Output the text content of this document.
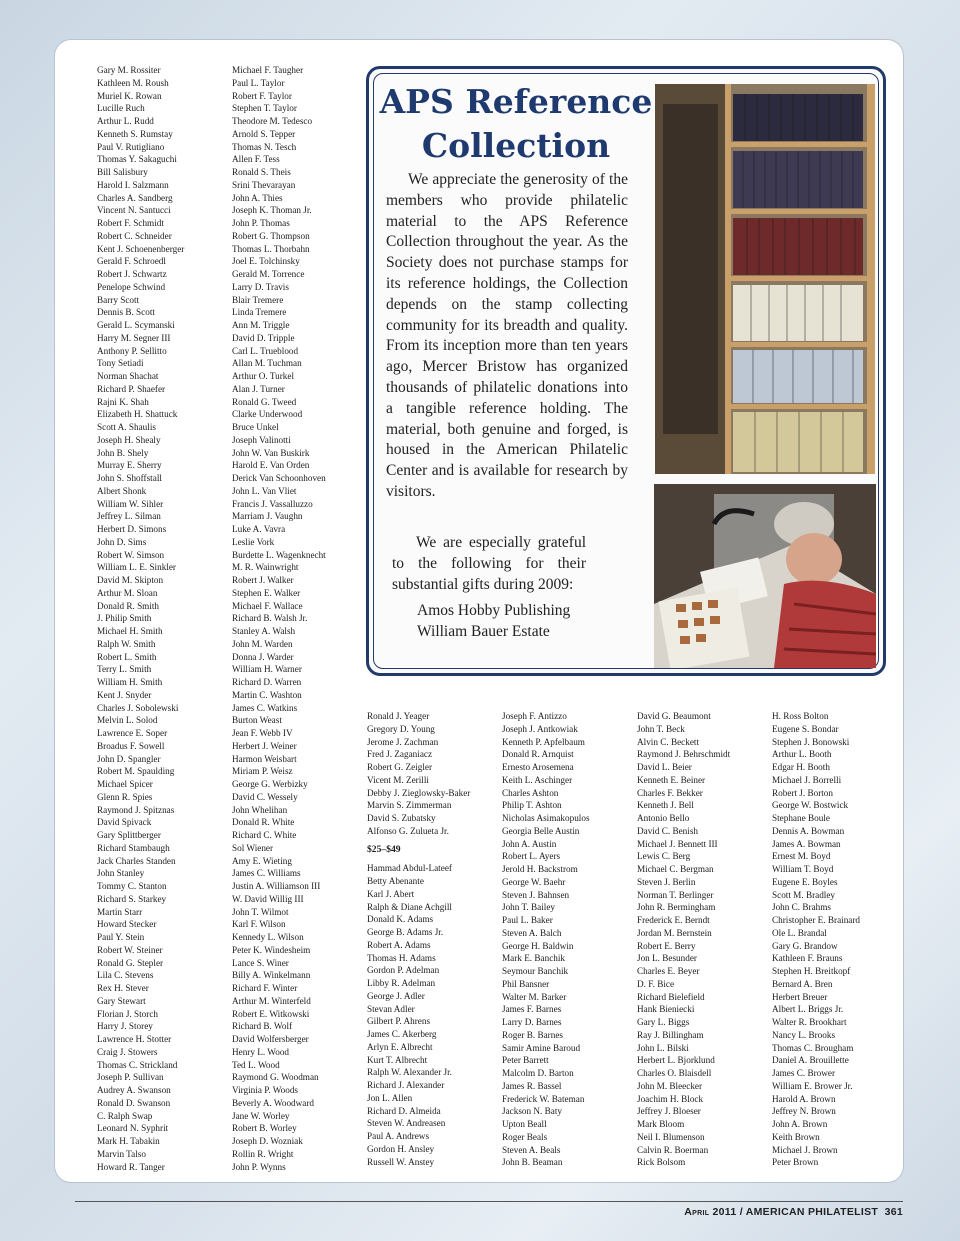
Gary M. Rossiter
Kathleen M. Roush
Muriel K. Rowan
Lucille Ruch
Arthur L. Rudd
Kenneth S. Rumstay
Paul V. Rutigliano
Thomas Y. Sakaguchi
Bill Salisbury
Harold I. Salzmann
Charles A. Sandberg
Vincent N. Santucci
Robert F. Schmidt
Robert C. Schneider
Kent J. Schoenenberger
Gerald F. Schroedl
Robert J. Schwartz
Penelope Schwind
Barry Scott
Dennis B. Scott
Gerald L. Scymanski
Harry M. Segner III
Anthony P. Sellitto
Tony Setiadi
Norman Shachat
Richard P. Shaefer
Rajni K. Shah
Elizabeth H. Shattuck
Scott A. Shaulis
Joseph H. Shealy
John B. Shely
Murray E. Sherry
John S. Shoffstall
Albert Shonk
William W. Sihler
Jeffrey L. Silman
Herbert D. Simons
John D. Sims
Robert W. Simson
William L. E. Sinkler
David M. Skipton
Arthur M. Sloan
Donald R. Smith
J. Philip Smith
Michael H. Smith
Ralph W. Smith
Robert L. Smith
Terry L. Smith
William H. Smith
Kent J. Snyder
Charles J. Sobolewski
Melvin L. Solod
Lawrence E. Soper
Broadus F. Sowell
John D. Spangler
Robert M. Spaulding
Michael Spicer
Glenn R. Spies
Raymond J. Spitznas
David Spivack
Gary Splittberger
Richard Stambaugh
Jack Charles Standen
John Stanley
Tommy C. Stanton
Richard S. Starkey
Martin Starr
Howard Stecker
Paul Y. Stein
Robert W. Steiner
Ronald G. Stepler
Lila C. Stevens
Rex H. Stever
Gary Stewart
Florian J. Storch
Harry J. Storey
Lawrence H. Stotter
Craig J. Stowers
Thomas C. Strickland
Joseph P. Sullivan
Audrey A. Swanson
Ronald D. Swanson
C. Ralph Swap
Leonard N. Syphrit
Mark H. Tabakin
Marvin Talso
Howard R. Tanger
Michael F. Taugher
Paul L. Taylor
Robert F. Taylor
Stephen T. Taylor
Theodore M. Tedesco
Arnold S. Tepper
Thomas N. Tesch
Allen F. Tess
Ronald S. Theis
Srini Thevarayan
John A. Thies
Joseph K. Thoman Jr.
John P. Thomas
Robert G. Thompson
Thomas L. Thorbahn
Joel E. Tolchinsky
Gerald M. Torrence
Larry D. Travis
Blair Tremere
Linda Tremere
Ann M. Triggle
David D. Tripple
Carl L. Trueblood
Allan M. Tuchman
Arthur O. Turkel
Alan J. Turner
Ronald G. Tweed
Clarke Underwood
Bruce Unkel
Joseph Valinotti
John W. Van Buskirk
Harold E. Van Orden
Derick Van Schoonhoven
John L. Van Vliet
Francis J. Vassalluzzo
Marriam J. Vaughn
Luke A. Vavra
Leslie Vork
Burdette L. Wagenknecht
M. R. Wainwright
Robert J. Walker
Stephen E. Walker
Michael F. Wallace
Richard B. Walsh Jr.
Stanley A. Walsh
John M. Warden
Donna J. Warder
William H. Warner
Richard D. Warren
Martin C. Washton
James C. Watkins
Burton Weast
Jean F. Webb IV
Herbert J. Weiner
Harmon Weisbart
Miriam P. Weisz
George G. Werbizky
David C. Wessely
John Whelihan
Donald R. White
Richard C. White
Sol Wiener
Amy E. Wieting
James C. Williams
Justin A. Williamson III
W. David Willig III
John T. Wilmot
Karl F. Wilson
Kennedy L. Wilson
Peter K. Windesheim
Lance S. Winer
Billy A. Winkelmann
Richard F. Winter
Arthur M. Winterfeld
Robert E. Witkowski
Richard B. Wolf
David Wolfersberger
Henry L. Wood
Ted L. Wood
Raymond G. Woodman
Virginia P. Woods
Beverly A. Woodward
Jane W. Worley
Robert B. Worley
Joseph D. Wozniak
Rollin R. Wright
John P. Wynns
APS Reference Collection
We appreciate the generosity of the members who provide philatelic material to the APS Reference Collection throughout the year. As the Society does not purchase stamps for its reference holdings, the Collection depends on the stamp collecting community for its breadth and quality. From its inception more than ten years ago, Mercer Bristow has organized thousands of philatelic donations into a tangible reference holding. The material, both genuine and forged, is housed in the American Philatelic Center and is available for research by visitors.
We are especially grateful to the following for their substantial gifts during 2009:
Amos Hobby Publishing
William Bauer Estate
Ronald J. Yeager
Gregory D. Young
Jerome J. Zachman
Fred J. Zaganiacz
Robert G. Zeigler
Vicent M. Zerilli
Debby J. Zieglowsky-Baker
Marvin S. Zimmerman
David S. Zubatsky
Alfonso G. Zulueta Jr.
$25–$49
Hammad Abdul-Lateef
Betty Abenante
Karl J. Abert
Ralph & Diane Achgill
Donald K. Adams
George B. Adams Jr.
Robert A. Adams
Thomas H. Adams
Gordon P. Adelman
Libby R. Adelman
George J. Adler
Stevan Adler
Gilbert P. Ahrens
James C. Akerberg
Arlyn E. Albrecht
Kurt T. Albrecht
Ralph W. Alexander Jr.
Richard J. Alexander
Jon L. Allen
Richard D. Almeida
Steven W. Andreasen
Paul A. Andrews
Gordon H. Ansley
Russell W. Anstey
Joseph F. Antizzo
Joseph J. Antkowiak
Kenneth P. Apfelbaum
Donald R. Arnquist
Ernesto Arosemena
Keith L. Aschinger
Charles Ashton
Philip T. Ashton
Nicholas Asimakopulos
Georgia Belle Austin
John A. Austin
Robert L. Ayers
Jerold H. Backstrom
George W. Baehr
Steven J. Bahnsen
John T. Bailey
Paul L. Baker
Steven A. Balch
George H. Baldwin
Mark E. Banchik
Seymour Banchik
Phil Bansner
Walter M. Barker
James F. Barnes
Larry D. Barnes
Roger B. Barnes
Samir Amine Baroud
Peter Barrett
Malcolm D. Barton
James R. Bassel
Frederick W. Bateman
Jackson N. Baty
Upton Beall
Roger Beals
Steven A. Beals
John B. Beaman
David G. Beaumont
John T. Beck
Alvin C. Beckett
Raymond J. Behrschmidt
David L. Beier
Kenneth E. Beiner
Charles F. Bekker
Kenneth J. Bell
Antonio Bello
David C. Benish
Michael J. Bennett III
Lewis C. Berg
Michael C. Bergman
Steven J. Berlin
Norman T. Berlinger
John R. Bermingham
Frederick E. Berndt
Jordan M. Bernstein
Robert E. Berry
Jon L. Besunder
Charles E. Beyer
D. F. Bice
Richard Bielefield
Hank Bieniecki
Gary L. Biggs
Ray J. Billingham
John L. Bilski
Herbert L. Bjorklund
Charles O. Blaisdell
John M. Bleecker
Joachim H. Block
Jeffrey J. Bloeser
Mark Bloom
Neil I. Blumenson
Calvin R. Boerman
Rick Bolsom
H. Ross Bolton
Eugene S. Bondar
Stephen J. Bonowski
Arthur L. Booth
Edgar H. Booth
Michael J. Borrelli
Robert J. Borton
George W. Bostwick
Stephane Boule
Dennis A. Bowman
James A. Bowman
Ernest M. Boyd
William T. Boyd
Eugene E. Boyles
Scott M. Bradley
John C. Brahms
Christopher E. Brainard
Ole L. Brandal
Gary G. Brandow
Kathleen F. Brauns
Stephen H. Breitkopf
Bernard A. Bren
Herbert Breuer
Albert L. Briggs Jr.
Walter R. Brookhart
Nancy L. Brooks
Thomas C. Brougham
Daniel A. Brouillette
James C. Brower
William E. Brower Jr.
Harold A. Brown
Jeffrey N. Brown
John A. Brown
Keith Brown
Michael J. Brown
Peter Brown
April 2011 / AMERICAN PHILATELIST 361
